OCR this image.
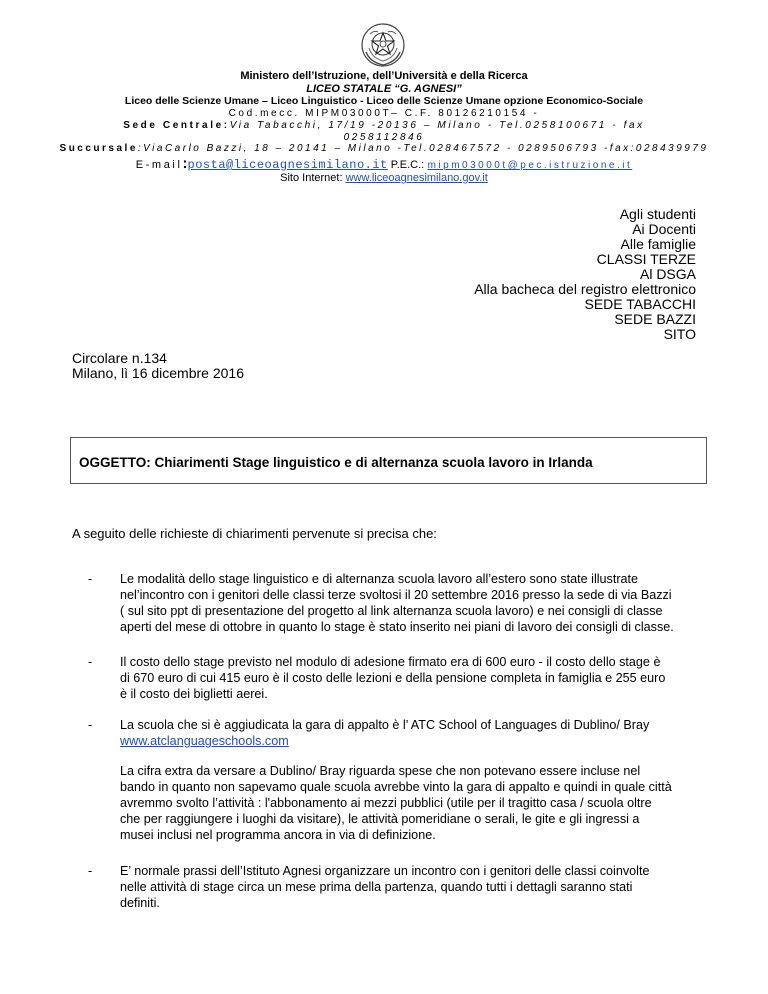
Ministero dell’Istruzione, dell’Università e della Ricerca
LICEO STATALE “G. AGNESI”
Liceo delle Scienze Umane – Liceo Linguistico - Liceo delle Scienze Umane opzione Economico-Sociale
Cod.mecc. MIPM03000T– C.F. 80126210154 -
Sede Centrale:Via Tabacchi, 17/19 -20136 – Milano - Tel.0258100671 - fax
0258112846
Succursale:ViaCarlo Bazzi, 18 – 20141 – Milano -Tel.028467572 - 0289506793 -fax:028439979
E-mail:posta@liceoagnesimilano.it P.E.C.: mipm03000t@pec.istruzione.it
Sito Internet: www.liceoagnesimilano.gov.it
Agli studenti
Ai Docenti
Alle famiglie
CLASSI TERZE
Al DSGA
Alla bacheca del registro elettronico
SEDE TABACCHI
SEDE BAZZI
SITO
Circolare n.134
Milano, lì 16 dicembre 2016
OGGETTO: Chiarimenti Stage linguistico e di alternanza scuola lavoro in Irlanda
A seguito delle richieste di chiarimenti pervenute si precisa che:
- Le modalità dello stage linguistico e di alternanza scuola lavoro all’estero sono state illustrate
nel’incontro con i genitori delle classi terze svoltosi il 20 settembre 2016 presso la sede di via Bazzi
( sul sito ppt di presentazione del progetto al link alternanza scuola lavoro) e nei consigli di classe
aperti del mese di ottobre in quanto lo stage è stato inserito nei piani di lavoro dei consigli di classe.
- Il costo dello stage previsto nel modulo di adesione firmato era di 600 euro - il costo dello stage è
di 670 euro di cui 415 euro è il costo delle lezioni e della pensione completa in famiglia e 255 euro
è il costo dei biglietti aerei.
- La scuola che si è aggiudicata la gara di appalto è l’ ATC School of Languages di Dublino/ Bray
www.atclanguageschools.com
La cifra extra da versare a Dublino/ Bray riguarda spese che non potevano essere incluse nel
bando in quanto non sapevamo quale scuola avrebbe vinto la gara di appalto e quindi in quale città
avremmo svolto l’attività : l'abbonamento ai mezzi pubblici (utile per il tragitto casa / scuola oltre
che per raggiungere i luoghi da visitare), le attività pomeridiane o serali, le gite e gli ingressi a
musei inclusi nel programma ancora in via di definizione.
- E’ normale prassi dell’Istituto Agnesi organizzare un incontro con i genitori delle classi coinvolte
nelle attività di stage circa un mese prima della partenza, quando tutti i dettagli saranno stati
definiti.
